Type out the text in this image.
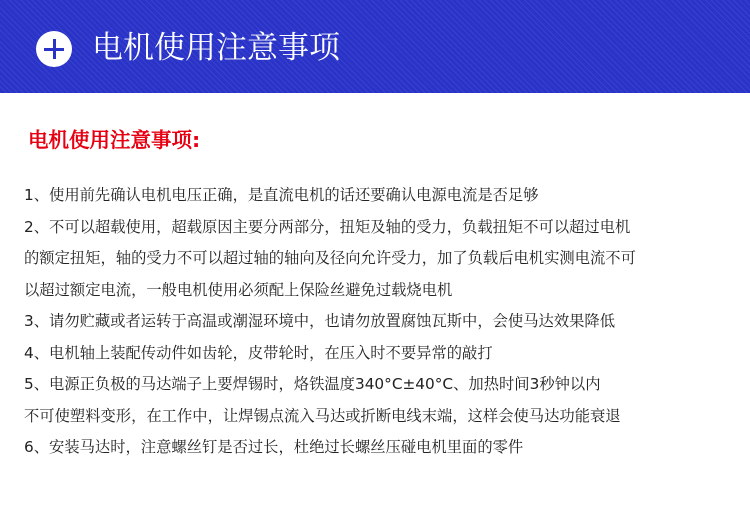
电机使用注意事项
电机使用注意事项:
1、使用前先确认电机电压正确，是直流电机的话还要确认电源电流是否足够
2、不可以超载使用，超载原因主要分两部分，扭矩及轴的受力，负载扭矩不可以超过电机
的额定扭矩，轴的受力不可以超过轴的轴向及径向允许受力，加了负载后电机实测电流不可
以超过额定电流，一般电机使用必须配上保险丝避免过载烧电机
3、请勿贮藏或者运转于高温或潮湿环境中，也请勿放置腐蚀瓦斯中，会使马达效果降低
4、电机轴上装配传动件如齿轮，皮带轮时，在压入时不要异常的敲打
5、电源正负极的马达端子上要焊锡时，烙铁温度340°C±40°C、加热时间3秒钟以内
不可使塑料变形，在工作中，让焊锡点流入马达或折断电线末端，这样会使马达功能衰退
6、安装马达时，注意螺丝钉是否过长，杜绝过长螺丝压碰电机里面的零件
